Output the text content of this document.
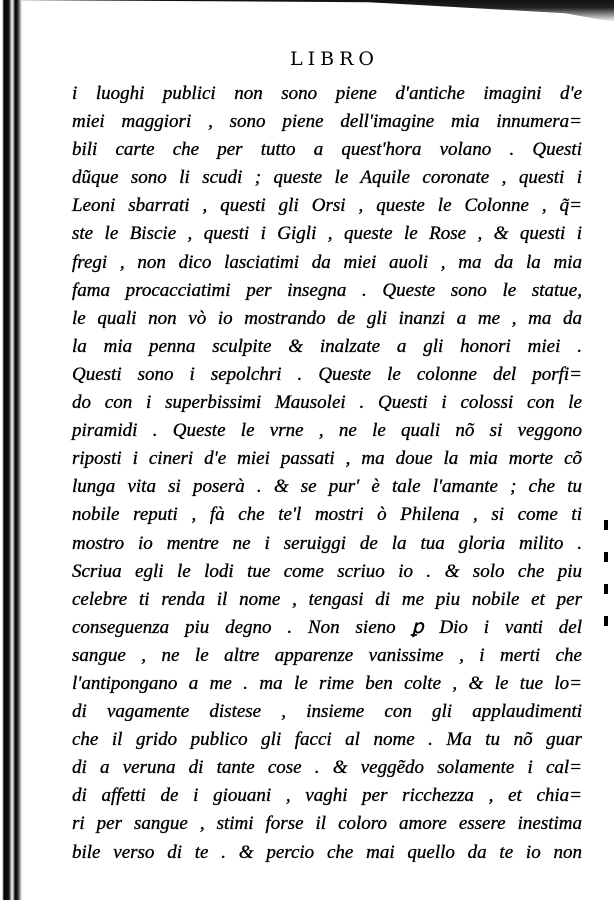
LIBRO
i luoghi publici non sono piene d'antiche imagini d'e
miei maggiori , sono piene dell'imagine mia innumera=
bili carte che per tutto a quest'hora volano . Questi
dũque sono li scudi ; queste le Aquile coronate , questi i
Leoni sbarrati , questi gli Orsi , queste le Colonne , q̃=
ste le Biscie , questi i Gigli , queste le Rose , & questi i
fregi , non dico lasciatimi da miei auoli , ma da la mia
fama procacciatimi per insegna . Queste sono le statue,
le quali non vò io mostrando de gli inanzi a me , ma da
la mia penna sculpite & inalzate a gli honori miei .
Questi sono i sepolchri . Queste le colonne del porfi=
do con i superbissimi Mausolei . Questi i colossi con le
piramidi . Queste le vrne , ne le quali nõ si veggono
riposti i cineri d'e miei passati , ma doue la mia morte cõ
lunga vita si poserà . & se pur' è tale l'amante ; che tu
nobile reputi , fà che te'l mostri ò Philena , si come ti
mostro io mentre ne i seruiggi de la tua gloria milito .
Scriua egli le lodi tue come scriuo io . & solo che piu
celebre ti renda il nome , tengasi di me piu nobile et per
conseguenza piu degno . Non sieno ꝑ Dio i vanti del
sangue , ne le altre apparenze vanissime , i merti che
l'antipongano a me . ma le rime ben colte , & le tue lo=
di vagamente distese , insieme con gli applaudimenti
che il grido publico gli facci al nome . Ma tu nõ guar
di a veruna di tante cose . & veggẽdo solamente i cal=
di affetti de i giouani , vaghi per ricchezza , et chia=
ri per sangue , stimi forse il coloro amore essere inestima
bile verso di te . & percio che mai quello da te io non
